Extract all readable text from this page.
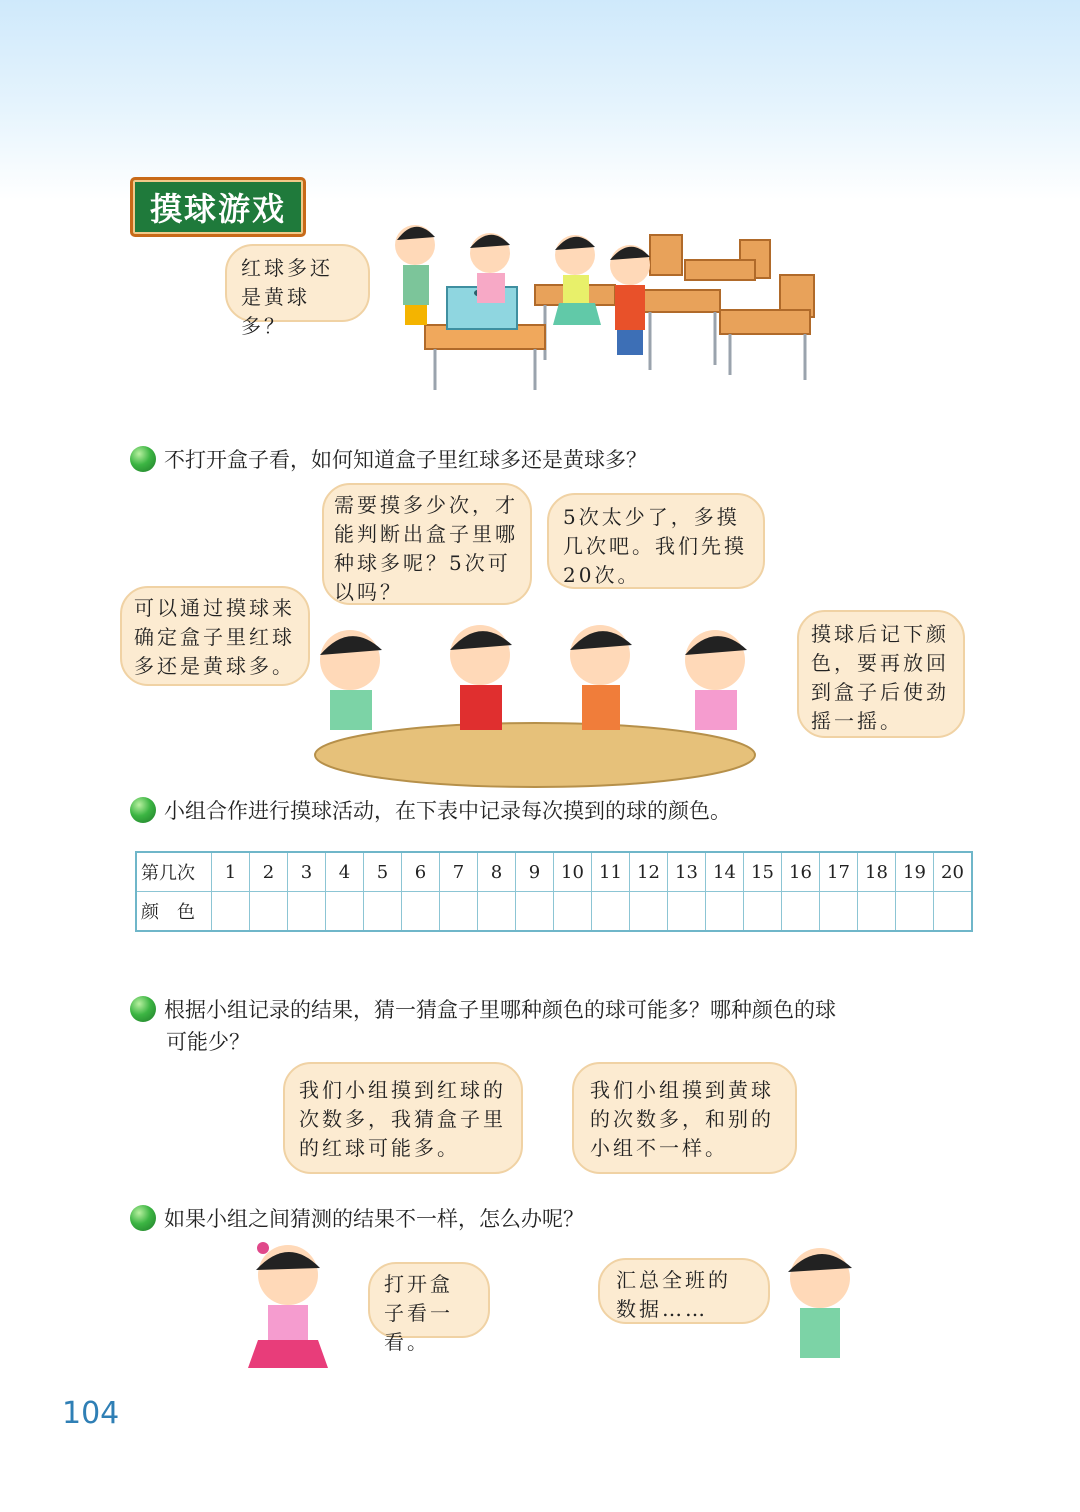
摸球游戏
红球多还是黄球多？
不打开盒子看，如何知道盒子里红球多还是黄球多？
需要摸多少次，才能判断出盒子里哪种球多呢？5次可以吗？
5次太少了，多摸几次吧。我们先摸20次。
可以通过摸球来确定盒子里红球多还是黄球多。
摸球后记下颜色，要再放回到盒子后使劲摇一摇。
小组合作进行摸球活动，在下表中记录每次摸到的球的颜色。
第几次	1	2	3	4	5	6	7	8	9	10	11	12	13	14	15	16	17	18	19	20
颜　色																				
根据小组记录的结果，猜一猜盒子里哪种颜色的球可能多？哪种颜色的球
可能少？
我们小组摸到红球的次数多，我猜盒子里的红球可能多。
我们小组摸到黄球的次数多，和别的小组不一样。
如果小组之间猜测的结果不一样，怎么办呢？
打开盒子看一看。
汇总全班的数据……
104
